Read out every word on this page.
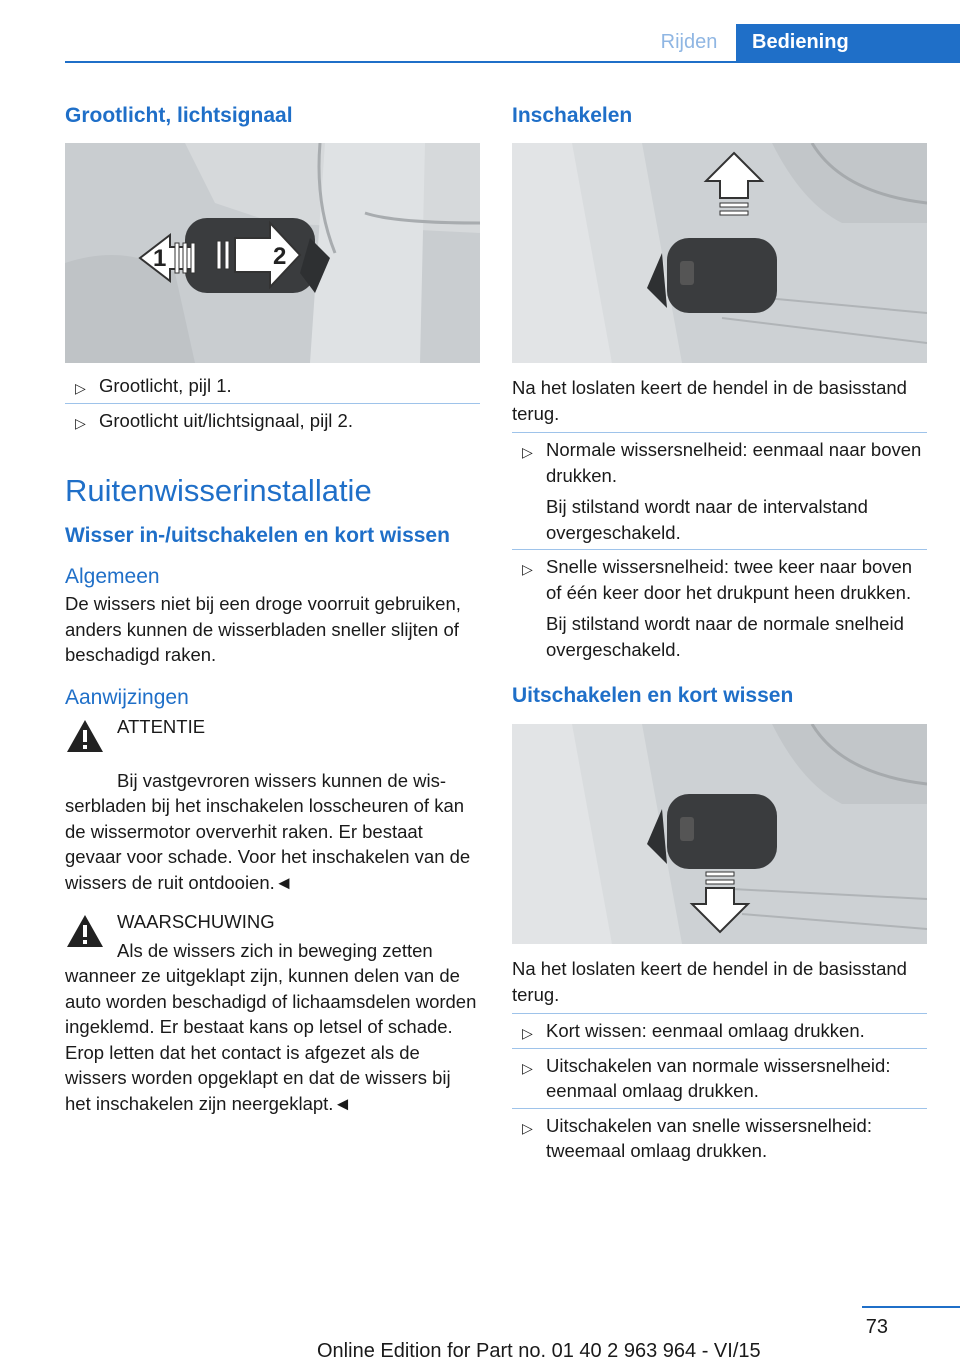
Rijden	Bediening
Grootlicht, lichtsignaal
1	2
▷ Grootlicht, pijl 1.
▷ Grootlicht uit/lichtsignaal, pijl 2.
Ruitenwisserinstallatie
Wisser in-/uitschakelen en kort wissen
Algemeen

De wissers niet bij een droge voorruit gebruiken, anders kunnen de wisserbladen sneller slijten of beschadigd raken.

Aanwijzingen
ATTENTIE
Bij vastgevroren wissers kunnen de wisserbladen bij het inschakelen losscheuren of kan de wissermotor oververhit raken. Er bestaat gevaar voor schade. Voor het inschakelen van de wissers de ruit ontdooien.◄
WAARSCHUWING
Als de wissers zich in beweging zetten wanneer ze uitgeklapt zijn, kunnen delen van de auto worden beschadigd of lichaamsdelen worden ingeklemd. Er bestaat kans op letsel of schade. Erop letten dat het contact is afgezet als de wissers worden opgeklapt en dat de wissers bij het inschakelen zijn neergeklapt.◄
Inschakelen

Na het loslaten keert de hendel in de basisstand terug.

▷ Normale wissersnelheid: eenmaal naar boven drukken.
Bij stilstand wordt naar de intervalstand overgeschakeld.
▷ Snelle wissersnelheid: twee keer naar boven of één keer door het drukpunt heen drukken.
Bij stilstand wordt naar de normale snelheid overgeschakeld.
Uitschakelen en kort wissen

Na het loslaten keert de hendel in de basisstand terug.

▷ Kort wissen: eenmaal omlaag drukken.
▷ Uitschakelen van normale wissersnelheid: eenmaal omlaag drukken.
▷ Uitschakelen van snelle wissersnelheid: tweemaal omlaag drukken.
73
Online Edition for Part no. 01 40 2 963 964 - VI/15
